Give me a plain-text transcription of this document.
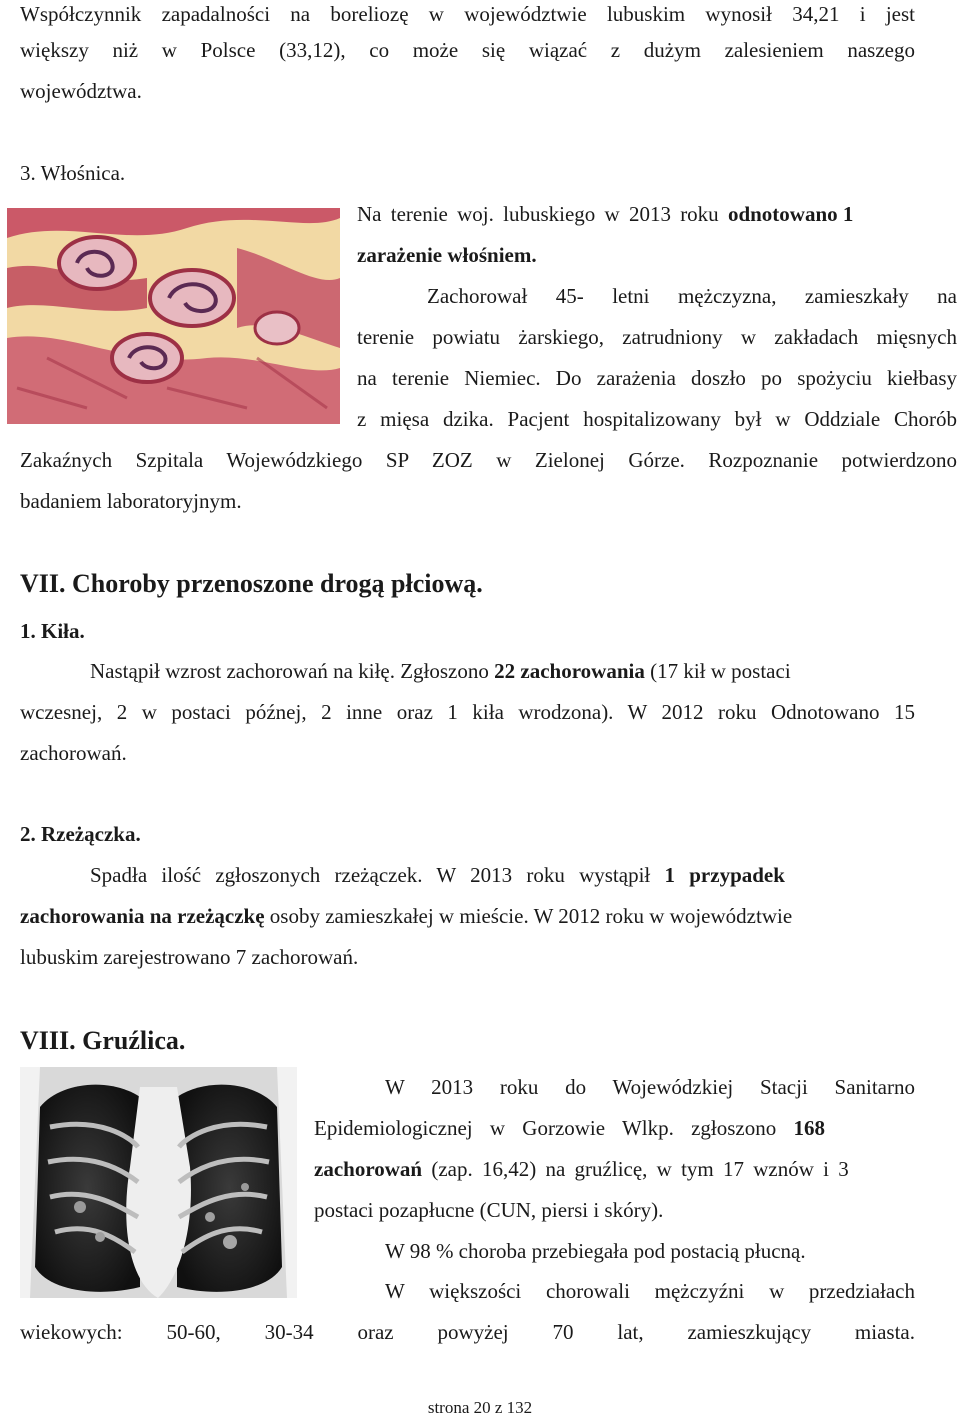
Współczynnik zapadalności na boreliozę w województwie lubuskim wynosił 34,21 i jest
większy niż w Polsce (33,12), co może się wiązać z dużym zalesieniem naszego
województwa.
3. Włośnica.
Na terenie woj. lubuskiego w 2013 roku odnotowano 1
zarażenie włośniem.
Zachorował 45- letni mężczyzna, zamieszkały na
terenie powiatu żarskiego, zatrudniony w zakładach mięsnych
na terenie Niemiec. Do zarażenia doszło po spożyciu kiełbasy
z mięsa dzika. Pacjent hospitalizowany był w Oddziale Chorób
Zakaźnych Szpitala Wojewódzkiego SP ZOZ w Zielonej Górze. Rozpoznanie potwierdzono
badaniem laboratoryjnym.
VII. Choroby przenoszone drogą płciową.
1. Kiła.
Nastąpił wzrost zachorowań na kiłę. Zgłoszono 22 zachorowania (17 kił w postaci
wczesnej, 2 w postaci późnej, 2 inne oraz 1 kiła wrodzona). W 2012 roku Odnotowano 15
zachorowań.
2. Rzeżączka.
Spadła ilość zgłoszonych rzeżączek. W 2013 roku wystąpił 1 przypadek
zachorowania na rzeżączkę osoby zamieszkałej w mieście. W 2012 roku w województwie
lubuskim zarejestrowano 7 zachorowań.
VIII. Gruźlica.
W 2013 roku do Wojewódzkiej Stacji Sanitarno
Epidemiologicznej w Gorzowie Wlkp. zgłoszono 168
zachorowań (zap. 16,42) na gruźlicę, w tym 17 wznów i 3
postaci pozapłucne (CUN, piersi i skóry).
W 98 % choroba przebiegała pod postacią płucną.
W większości chorowali mężczyźni w przedziałach
wiekowych: 50-60, 30-34 oraz powyżej 70 lat, zamieszkujący miasta.
strona 20 z 132
